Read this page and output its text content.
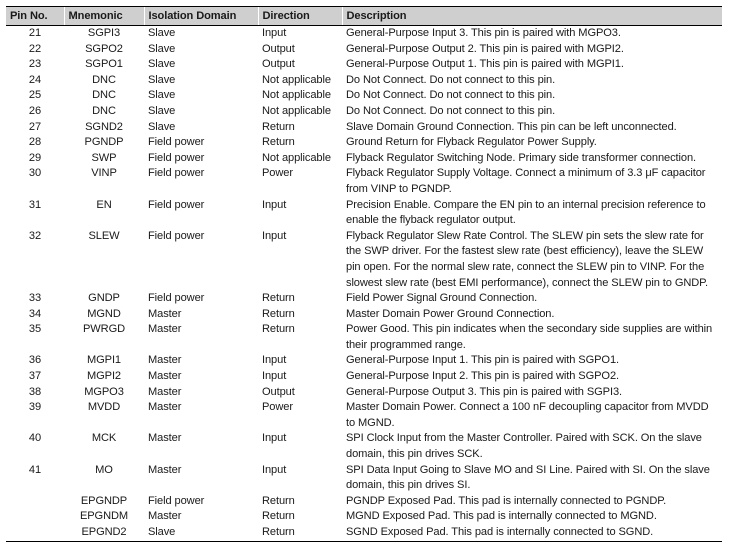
Pin No.	Mnemonic	Isolation Domain	Direction	Description
21	SGPI3	Slave	Input	General-Purpose Input 3. This pin is paired with MGPO3.
22	SGPO2	Slave	Output	General-Purpose Output 2. This pin is paired with MGPI2.
23	SGPO1	Slave	Output	General-Purpose Output 1. This pin is paired with MGPI1.
24	DNC	Slave	Not applicable	Do Not Connect. Do not connect to this pin.
25	DNC	Slave	Not applicable	Do Not Connect. Do not connect to this pin.
26	DNC	Slave	Not applicable	Do Not Connect. Do not connect to this pin.
27	SGND2	Slave	Return	Slave Domain Ground Connection. This pin can be left unconnected.
28	PGNDP	Field power	Return	Ground Return for Flyback Regulator Power Supply.
29	SWP	Field power	Not applicable	Flyback Regulator Switching Node. Primary side transformer connection.
30	VINP	Field power	Power	Flyback Regulator Supply Voltage. Connect a minimum of 3.3 μF capacitor from VINP to PGNDP.
31	EN	Field power	Input	Precision Enable. Compare the EN pin to an internal precision reference to enable the flyback regulator output.
32	SLEW	Field power	Input	Flyback Regulator Slew Rate Control. The SLEW pin sets the slew rate for the SWP driver. For the fastest slew rate (best efficiency), leave the SLEW pin open. For the normal slew rate, connect the SLEW pin to VINP. For the slowest slew rate (best EMI performance), connect the SLEW pin to GNDP.
33	GNDP	Field power	Return	Field Power Signal Ground Connection.
34	MGND	Master	Return	Master Domain Power Ground Connection.
35	PWRGD	Master	Return	Power Good. This pin indicates when the secondary side supplies are within their programmed range.
36	MGPI1	Master	Input	General-Purpose Input 1. This pin is paired with SGPO1.
37	MGPI2	Master	Input	General-Purpose Input 2. This pin is paired with SGPO2.
38	MGPO3	Master	Output	General-Purpose Output 3. This pin is paired with SGPI3.
39	MVDD	Master	Power	Master Domain Power. Connect a 100 nF decoupling capacitor from MVDD to MGND.
40	MCK	Master	Input	SPI Clock Input from the Master Controller. Paired with SCK. On the slave domain, this pin drives SCK.
41	MO	Master	Input	SPI Data Input Going to Slave MO and SI Line. Paired with SI. On the slave domain, this pin drives SI.
	EPGNDP	Field power	Return	PGNDP Exposed Pad. This pad is internally connected to PGNDP.
	EPGNDM	Master	Return	MGND Exposed Pad. This pad is internally connected to MGND.
	EPGND2	Slave	Return	SGND Exposed Pad. This pad is internally connected to SGND.
